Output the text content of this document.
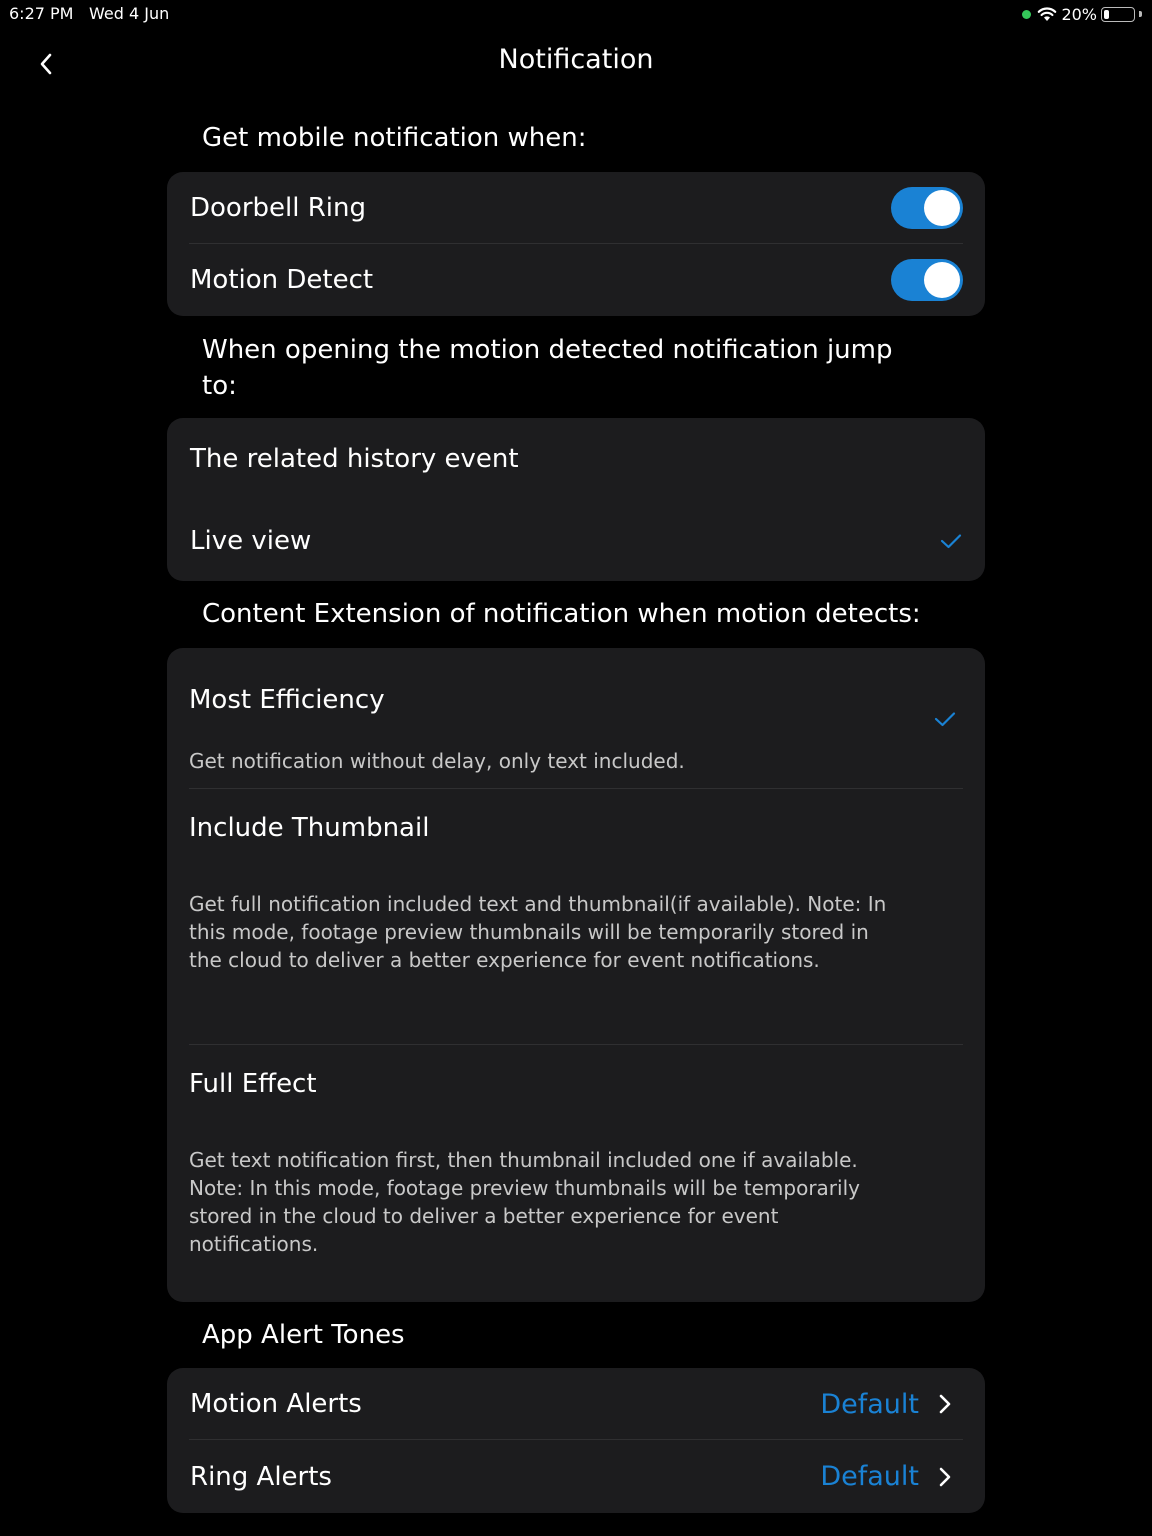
6:27 PM Wed 4 Jun	20%
Notification
Get mobile notification when:
Doorbell Ring
Motion Detect
When opening the motion detected notification jump to:
The related history event
Live view
Content Extension of notification when motion detects:
Most Efficiency
Get notification without delay, only text included.
Include Thumbnail
Get full notification included text and thumbnail(if available). Note: In this mode, footage preview thumbnails will be temporarily stored in the cloud to deliver a better experience for event notifications.
Full Effect
Get text notification first, then thumbnail included one if available. Note: In this mode, footage preview thumbnails will be temporarily stored in the cloud to deliver a better experience for event notifications.
App Alert Tones
Motion Alerts	Default
Ring Alerts	Default
